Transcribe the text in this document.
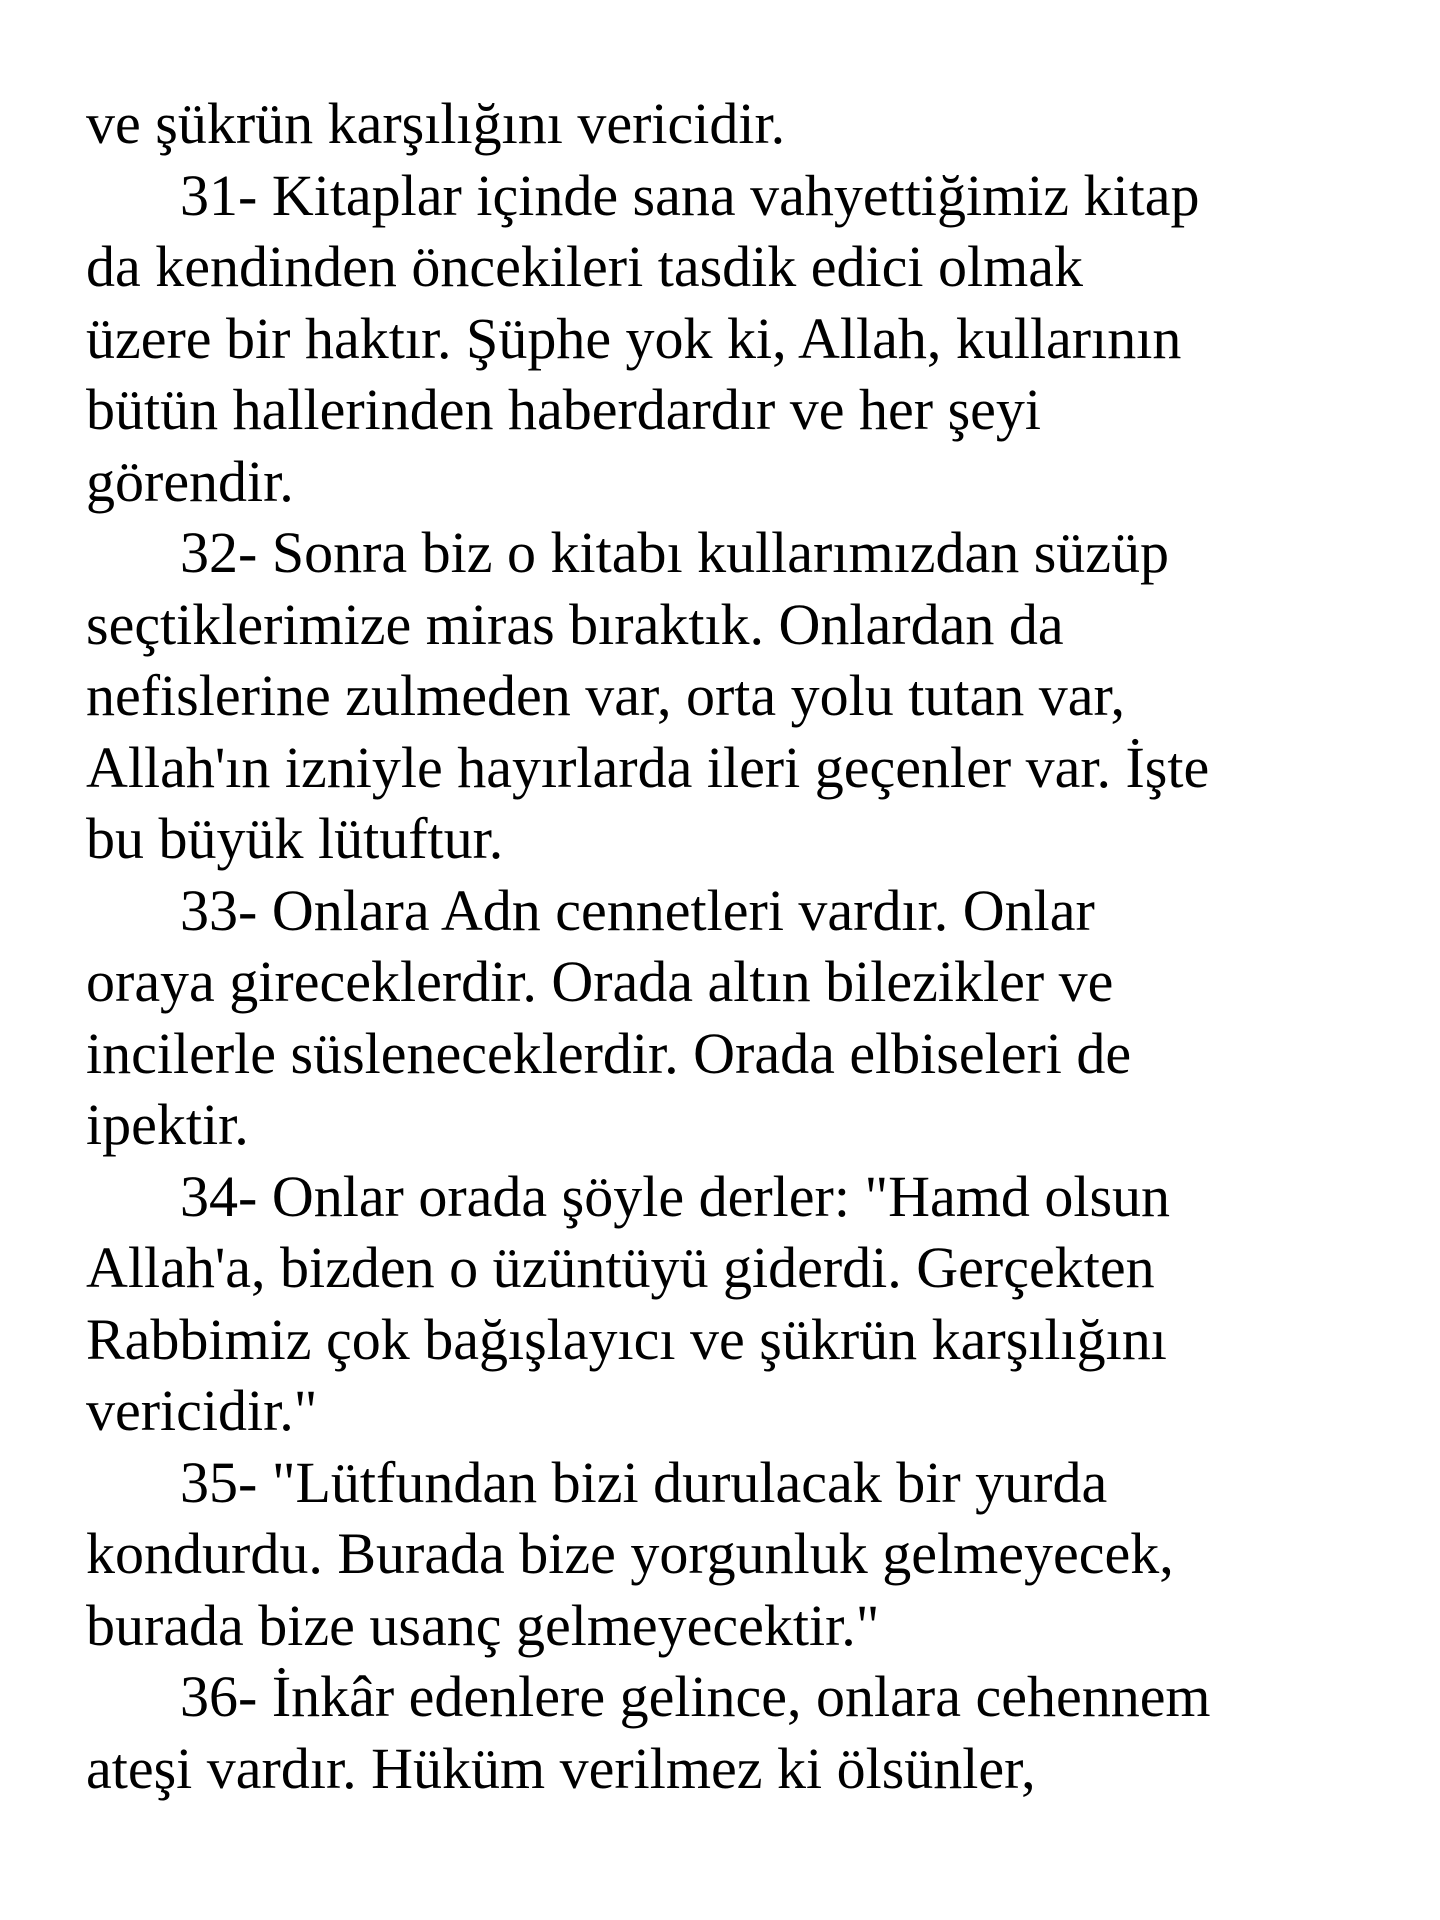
ve şükrün karşılığını vericidir.
31- Kitaplar içinde sana vahyettiğimiz kitap
da kendinden öncekileri tasdik edici olmak
üzere bir haktır. Şüphe yok ki, Allah, kullarının
bütün hallerinden haberdardır ve her şeyi
görendir.
32- Sonra biz o kitabı kullarımızdan süzüp
seçtiklerimize miras bıraktık. Onlardan da
nefislerine zulmeden var, orta yolu tutan var,
Allah'ın izniyle hayırlarda ileri geçenler var. İşte
bu büyük lütuftur.
33- Onlara Adn cennetleri vardır. Onlar
oraya gireceklerdir. Orada altın bilezikler ve
incilerle süsleneceklerdir. Orada elbiseleri de
ipektir.
34- Onlar orada şöyle derler: "Hamd olsun
Allah'a, bizden o üzüntüyü giderdi. Gerçekten
Rabbimiz çok bağışlayıcı ve şükrün karşılığını
vericidir."
35- "Lütfundan bizi durulacak bir yurda
kondurdu. Burada bize yorgunluk gelmeyecek,
burada bize usanç gelmeyecektir."
36- İnkâr edenlere gelince, onlara cehennem
ateşi vardır. Hüküm verilmez ki ölsünler,
